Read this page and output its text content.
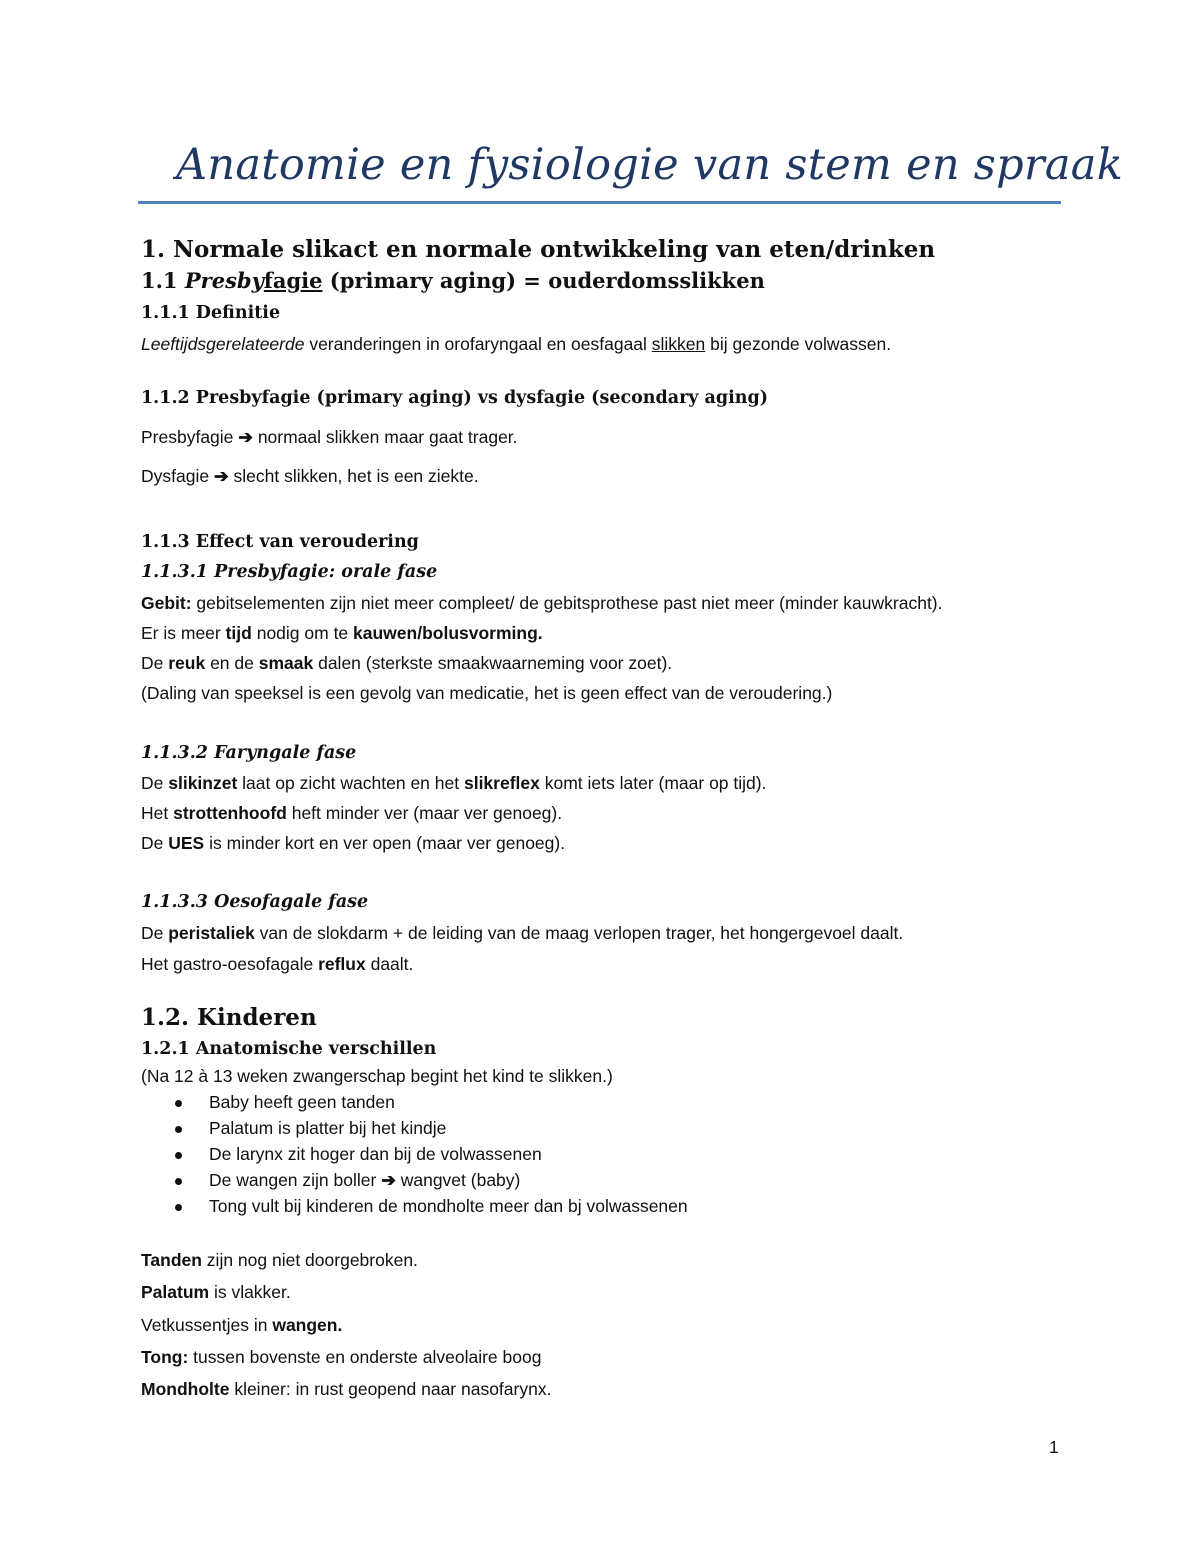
Anatomie en fysiologie van stem en spraak
1. Normale slikact en normale ontwikkeling van eten/drinken
1.1 Presbyfagie (primary aging) = ouderdomsslikken
1.1.1 Definitie
Leeftijdsgerelateerde veranderingen in orofaryngaal en oesfagaal slikken bij gezonde volwassen.
1.1.2 Presbyfagie (primary aging) vs dysfagie (secondary aging)
Presbyfagie ➔ normaal slikken maar gaat trager.
Dysfagie ➔ slecht slikken, het is een ziekte.
1.1.3 Effect van veroudering
1.1.3.1 Presbyfagie: orale fase
Gebit: gebitselementen zijn niet meer compleet/ de gebitsprothese past niet meer (minder kauwkracht).
Er is meer tijd nodig om te kauwen/bolusvorming.
De reuk en de smaak dalen (sterkste smaakwaarneming voor zoet).
(Daling van speeksel is een gevolg van medicatie, het is geen effect van de veroudering.)
1.1.3.2 Faryngale fase
De slikinzet laat op zicht wachten en het slikreflex komt iets later (maar op tijd).
Het strottenhoofd heft minder ver (maar ver genoeg).
De UES is minder kort en ver open (maar ver genoeg).
1.1.3.3 Oesofagale fase
De peristaliek van de slokdarm + de leiding van de maag verlopen trager, het hongergevoel daalt.
Het gastro-oesofagale reflux daalt.
1.2. Kinderen
1.2.1 Anatomische verschillen
(Na 12 à 13 weken zwangerschap begint het kind te slikken.)
Baby heeft geen tanden
Palatum is platter bij het kindje
De larynx zit hoger dan bij de volwassenen
De wangen zijn boller ➔ wangvet (baby)
Tong vult bij kinderen de mondholte meer dan bj volwassenen
Tanden zijn nog niet doorgebroken.
Palatum is vlakker.
Vetkussentjes in wangen.
Tong: tussen bovenste en onderste alveolaire boog
Mondholte kleiner: in rust geopend naar nasofarynx.
1
